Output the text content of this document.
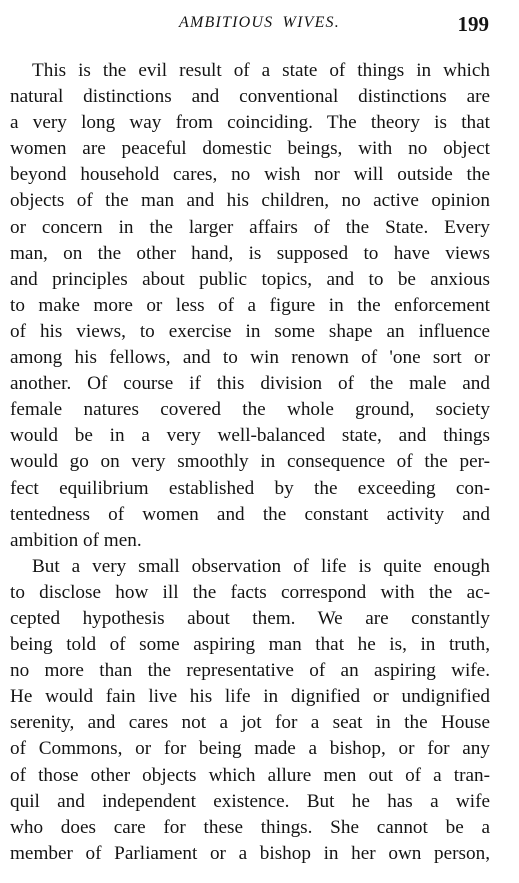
AMBITIOUS WIVES.	199
This is the evil result of a state of things in which
natural distinctions and conventional distinctions are
a very long way from coinciding. The theory is that
women are peaceful domestic beings, with no object
beyond household cares, no wish nor will outside the
objects of the man and his children, no active opinion
or concern in the larger affairs of the State. Every
man, on the other hand, is supposed to have views
and principles about public topics, and to be anxious
to make more or less of a figure in the enforcement
of his views, to exercise in some shape an influence
among his fellows, and to win renown of 'one sort or
another. Of course if this division of the male and
female natures covered the whole ground, society
would be in a very well-balanced state, and things
would go on very smoothly in consequence of the per-
fect equilibrium established by the exceeding con-
tentedness of women and the constant activity and
ambition of men.
But a very small observation of life is quite enough
to disclose how ill the facts correspond with the ac-
cepted hypothesis about them. We are constantly
being told of some aspiring man that he is, in truth,
no more than the representative of an aspiring wife.
He would fain live his life in dignified or undignified
serenity, and cares not a jot for a seat in the House
of Commons, or for being made a bishop, or for any
of those other objects which allure men out of a tran-
quil and independent existence. But he has a wife
who does care for these things. She cannot be a
member of Parliament or a bishop in her own person,
